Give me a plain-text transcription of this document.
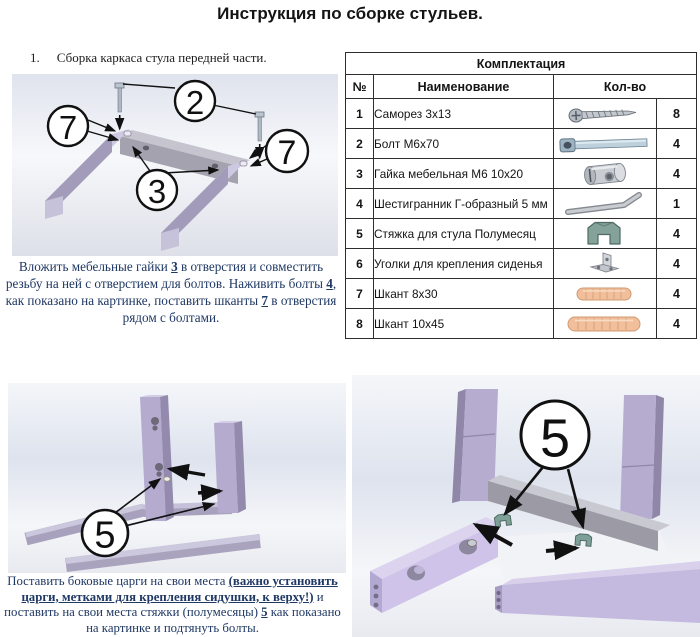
Инструкция по сборке стульев.
1. Сборка каркаса стула передней части.
2
7
7
3
Вложить мебельные гайки 3 в отверстия и совместить резьбу на ней с отверстием для болтов. Наживить болты 4, как показано на картинке, поставить шканты 7 в отверстия рядом с болтами.
Комплектация			
№	Наименование	Кол-во	
1	Саморез 3х13		8
2	Болт М6х70		4
3	Гайка мебельная М6 10х20		4
4	Шестигранник Г-образный 5 мм		1
5	Стяжка для стула Полумесяц		4
6	Уголки для крепления сиденья		4
7	Шкант 8х30		4
8	Шкант 10х45		4
5
Поставить боковые царги на свои места (важно установить царги, метками для крепления сидушки, к верху!) и поставить на свои места стяжки (полумесяцы) 5 как показано на картинке и подтянуть болты.
5
